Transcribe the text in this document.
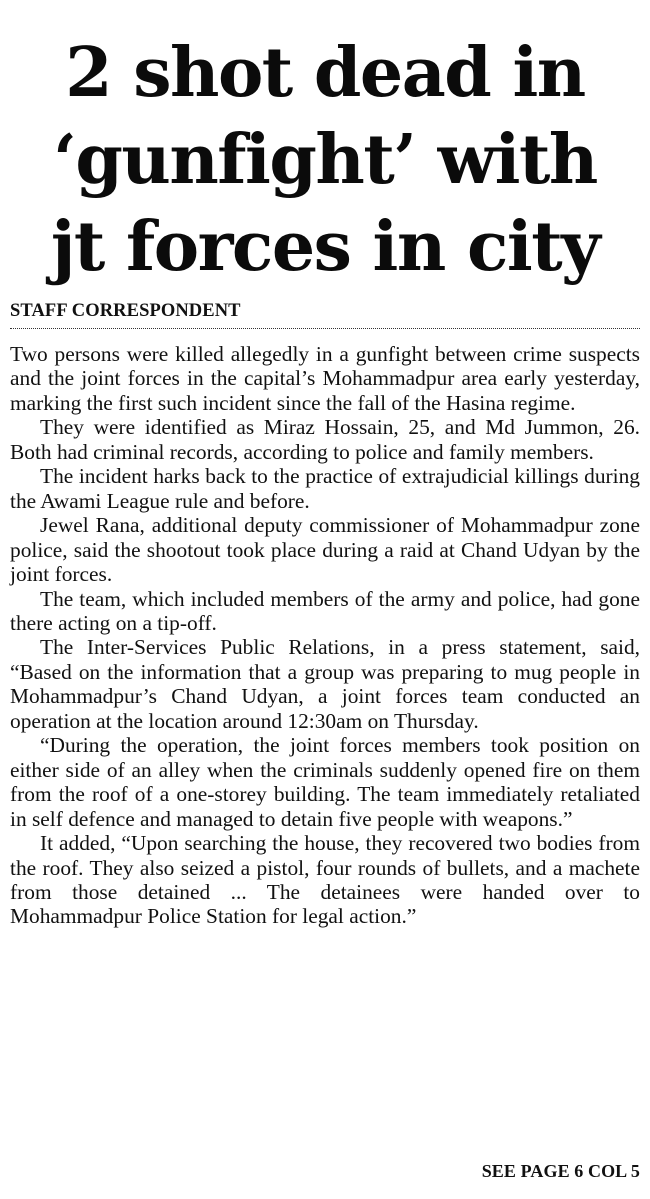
2 shot dead in
‘gunfight’ with
jt forces in city
STAFF CORRESPONDENT

Two persons were killed allegedly in a gunfight between crime suspects and the joint forces in the capital’s Mohammadpur area early yesterday, marking the first such incident since the fall of the Hasina regime.

They were identified as Miraz Hossain, 25, and Md Jummon, 26. Both had criminal records, according to police and family members.

The incident harks back to the practice of extrajudicial killings during the Awami League rule and before.

Jewel Rana, additional deputy commissioner of Mohammadpur zone police, said the shootout took place during a raid at Chand Udyan by the joint forces.

The team, which included members of the army and police, had gone there acting on a tip-off.

The Inter-Services Public Relations, in a press statement, said, “Based on the information that a group was preparing to mug people in Mohammadpur’s Chand Udyan, a joint forces team conducted an operation at the location around 12:30am on Thursday.

“During the operation, the joint forces members took position on either side of an alley when the criminals suddenly opened fire on them from the roof of a one-storey building. The team immediately retaliated in self defence and managed to detain five people with weapons.”

It added, “Upon searching the house, they recovered two bodies from the roof. They also seized a pistol, four rounds of bullets, and a machete from those detained ... The detainees were handed over to Mohammadpur Police Station for legal action.”

SEE PAGE 6 COL 5
